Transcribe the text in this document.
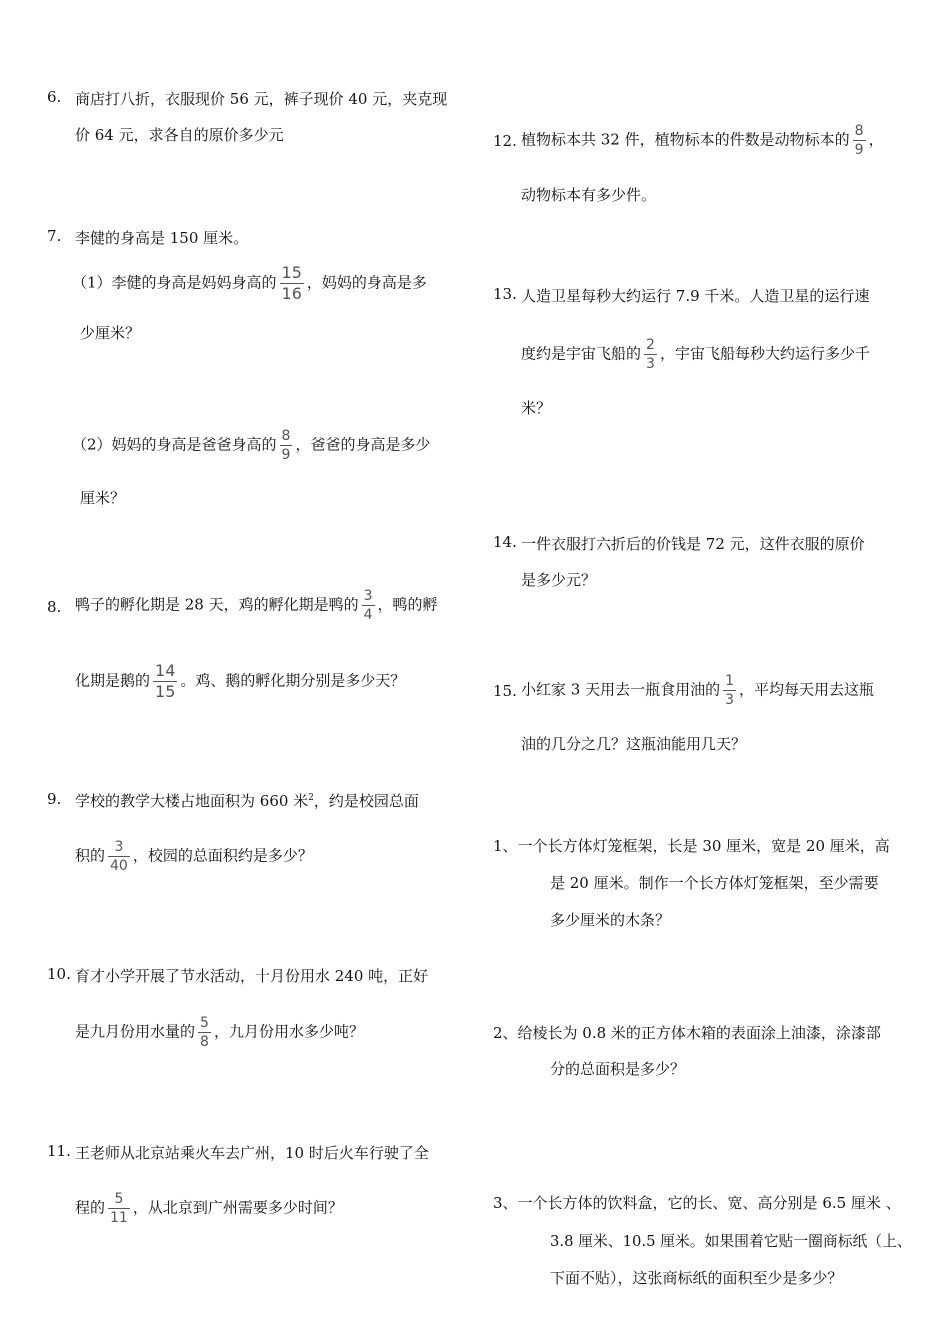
6. 商店打八折，衣服现价 56 元，裤子现价 40 元，夹克现
价 64 元，求各自的原价多少元
7. 李健的身高是 150 厘米。
（1）李健的身高是妈妈身高的 $\frac{15}{16}$ ，妈妈的身高是多
少厘米？
（2）妈妈的身高是爸爸身高的 $\frac{8}{9}$ ，爸爸的身高是多少
厘米？
8. 鸭子的孵化期是 28 天，鸡的孵化期是鸭的 $\frac{3}{4}$ ，鸭的孵
化期是鹅的 $\frac{14}{15}$ 。鸡、鹅的孵化期分别是多少天？
9. 学校的教学大楼占地面积为 660 米$^2$，约是校园总面
积的 $\frac{3}{40}$ ，校园的总面积约是多少？
10. 育才小学开展了节水活动，十月份用水 240 吨，正好
是九月份用水量的 $\frac{5}{8}$ ，九月份用水多少吨？
11. 王老师从北京站乘火车去广州，10 时后火车行驶了全
程的 $\frac{5}{11}$ ，从北京到广州需要多少时间？
12. 植物标本共 32 件，植物标本的件数是动物标本的 $\frac{8}{9}$ ，
动物标本有多少件。
13. 人造卫星每秒大约运行 7.9 千米。人造卫星的运行速
度约是宇宙飞船的 $\frac{2}{3}$ ，宇宙飞船每秒大约运行多少千
米？
14. 一件衣服打六折后的价钱是 72 元，这件衣服的原价
是多少元？
15. 小红家 3 天用去一瓶食用油的 $\frac{1}{3}$ ，平均每天用去这瓶
油的几分之几？这瓶油能用几天？
1、一个长方体灯笼框架，长是 30 厘米，宽是 20 厘米，高
是 20 厘米。制作一个长方体灯笼框架，至少需要
多少厘米的木条？
2、给棱长为 0.8 米的正方体木箱的表面涂上油漆，涂漆部
分的总面积是多少？
3、一个长方体的饮料盒，它的长、宽、高分别是 6.5 厘米 、
3.8 厘米、10.5 厘米。如果围着它贴一圈商标纸（上、
下面不贴），这张商标纸的面积至少是多少？
